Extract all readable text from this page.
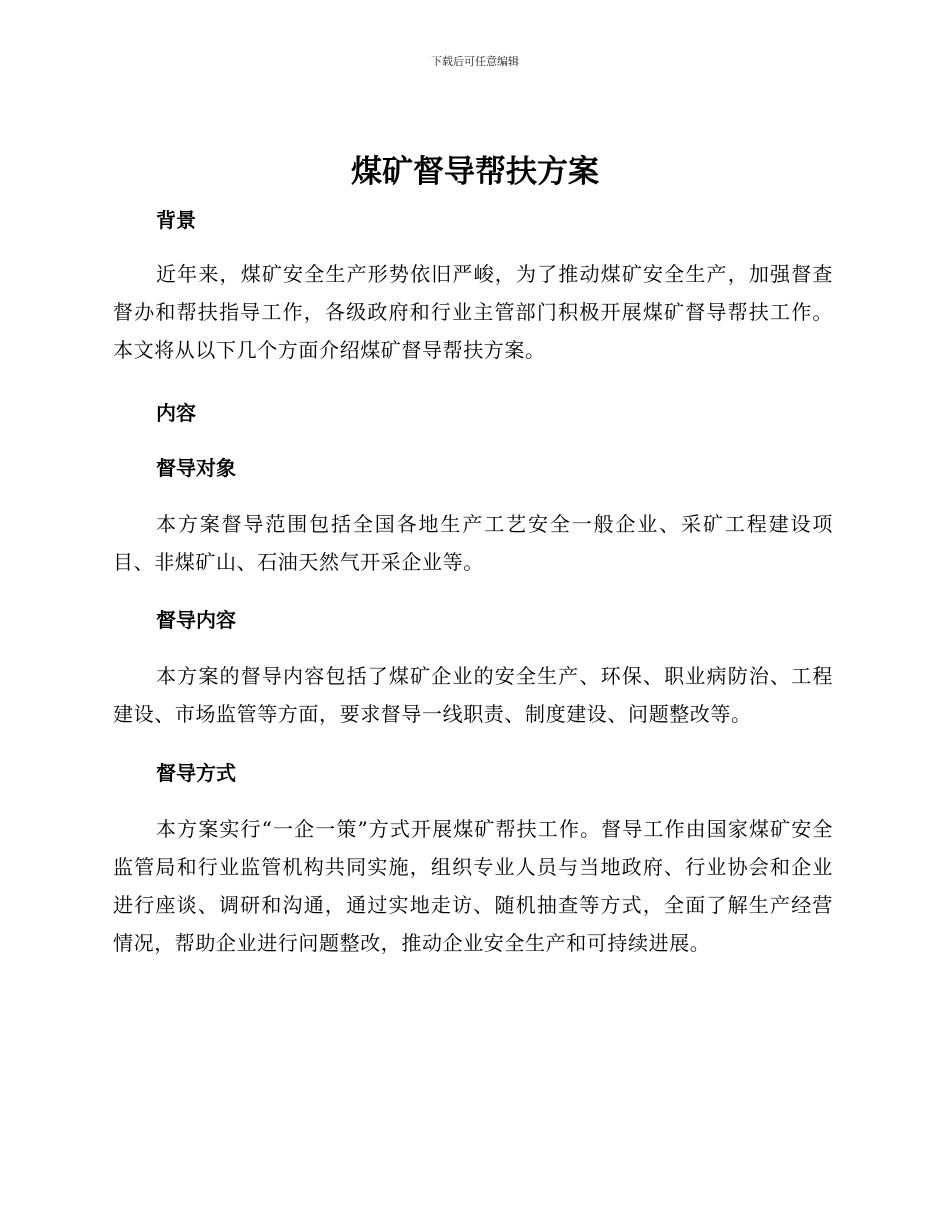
下载后可任意编辑
煤矿督导帮扶方案
背景

近年来，煤矿安全生产形势依旧严峻，为了推动煤矿安全生产，加强督查督办和帮扶指导工作，各级政府和行业主管部门积极开展煤矿督导帮扶工作。本文将从以下几个方面介绍煤矿督导帮扶方案。

内容
督导对象

本方案督导范围包括全国各地生产工艺安全一般企业、采矿工程建设项目、非煤矿山、石油天然气开采企业等。

督导内容

本方案的督导内容包括了煤矿企业的安全生产、环保、职业病防治、工程建设、市场监管等方面，要求督导一线职责、制度建设、问题整改等。

督导方式

本方案实行“一企一策”方式开展煤矿帮扶工作。督导工作由国家煤矿安全监管局和行业监管机构共同实施，组织专业人员与当地政府、行业协会和企业进行座谈、调研和沟通，通过实地走访、随机抽查等方式，全面了解生产经营情况，帮助企业进行问题整改，推动企业安全生产和可持续进展。
